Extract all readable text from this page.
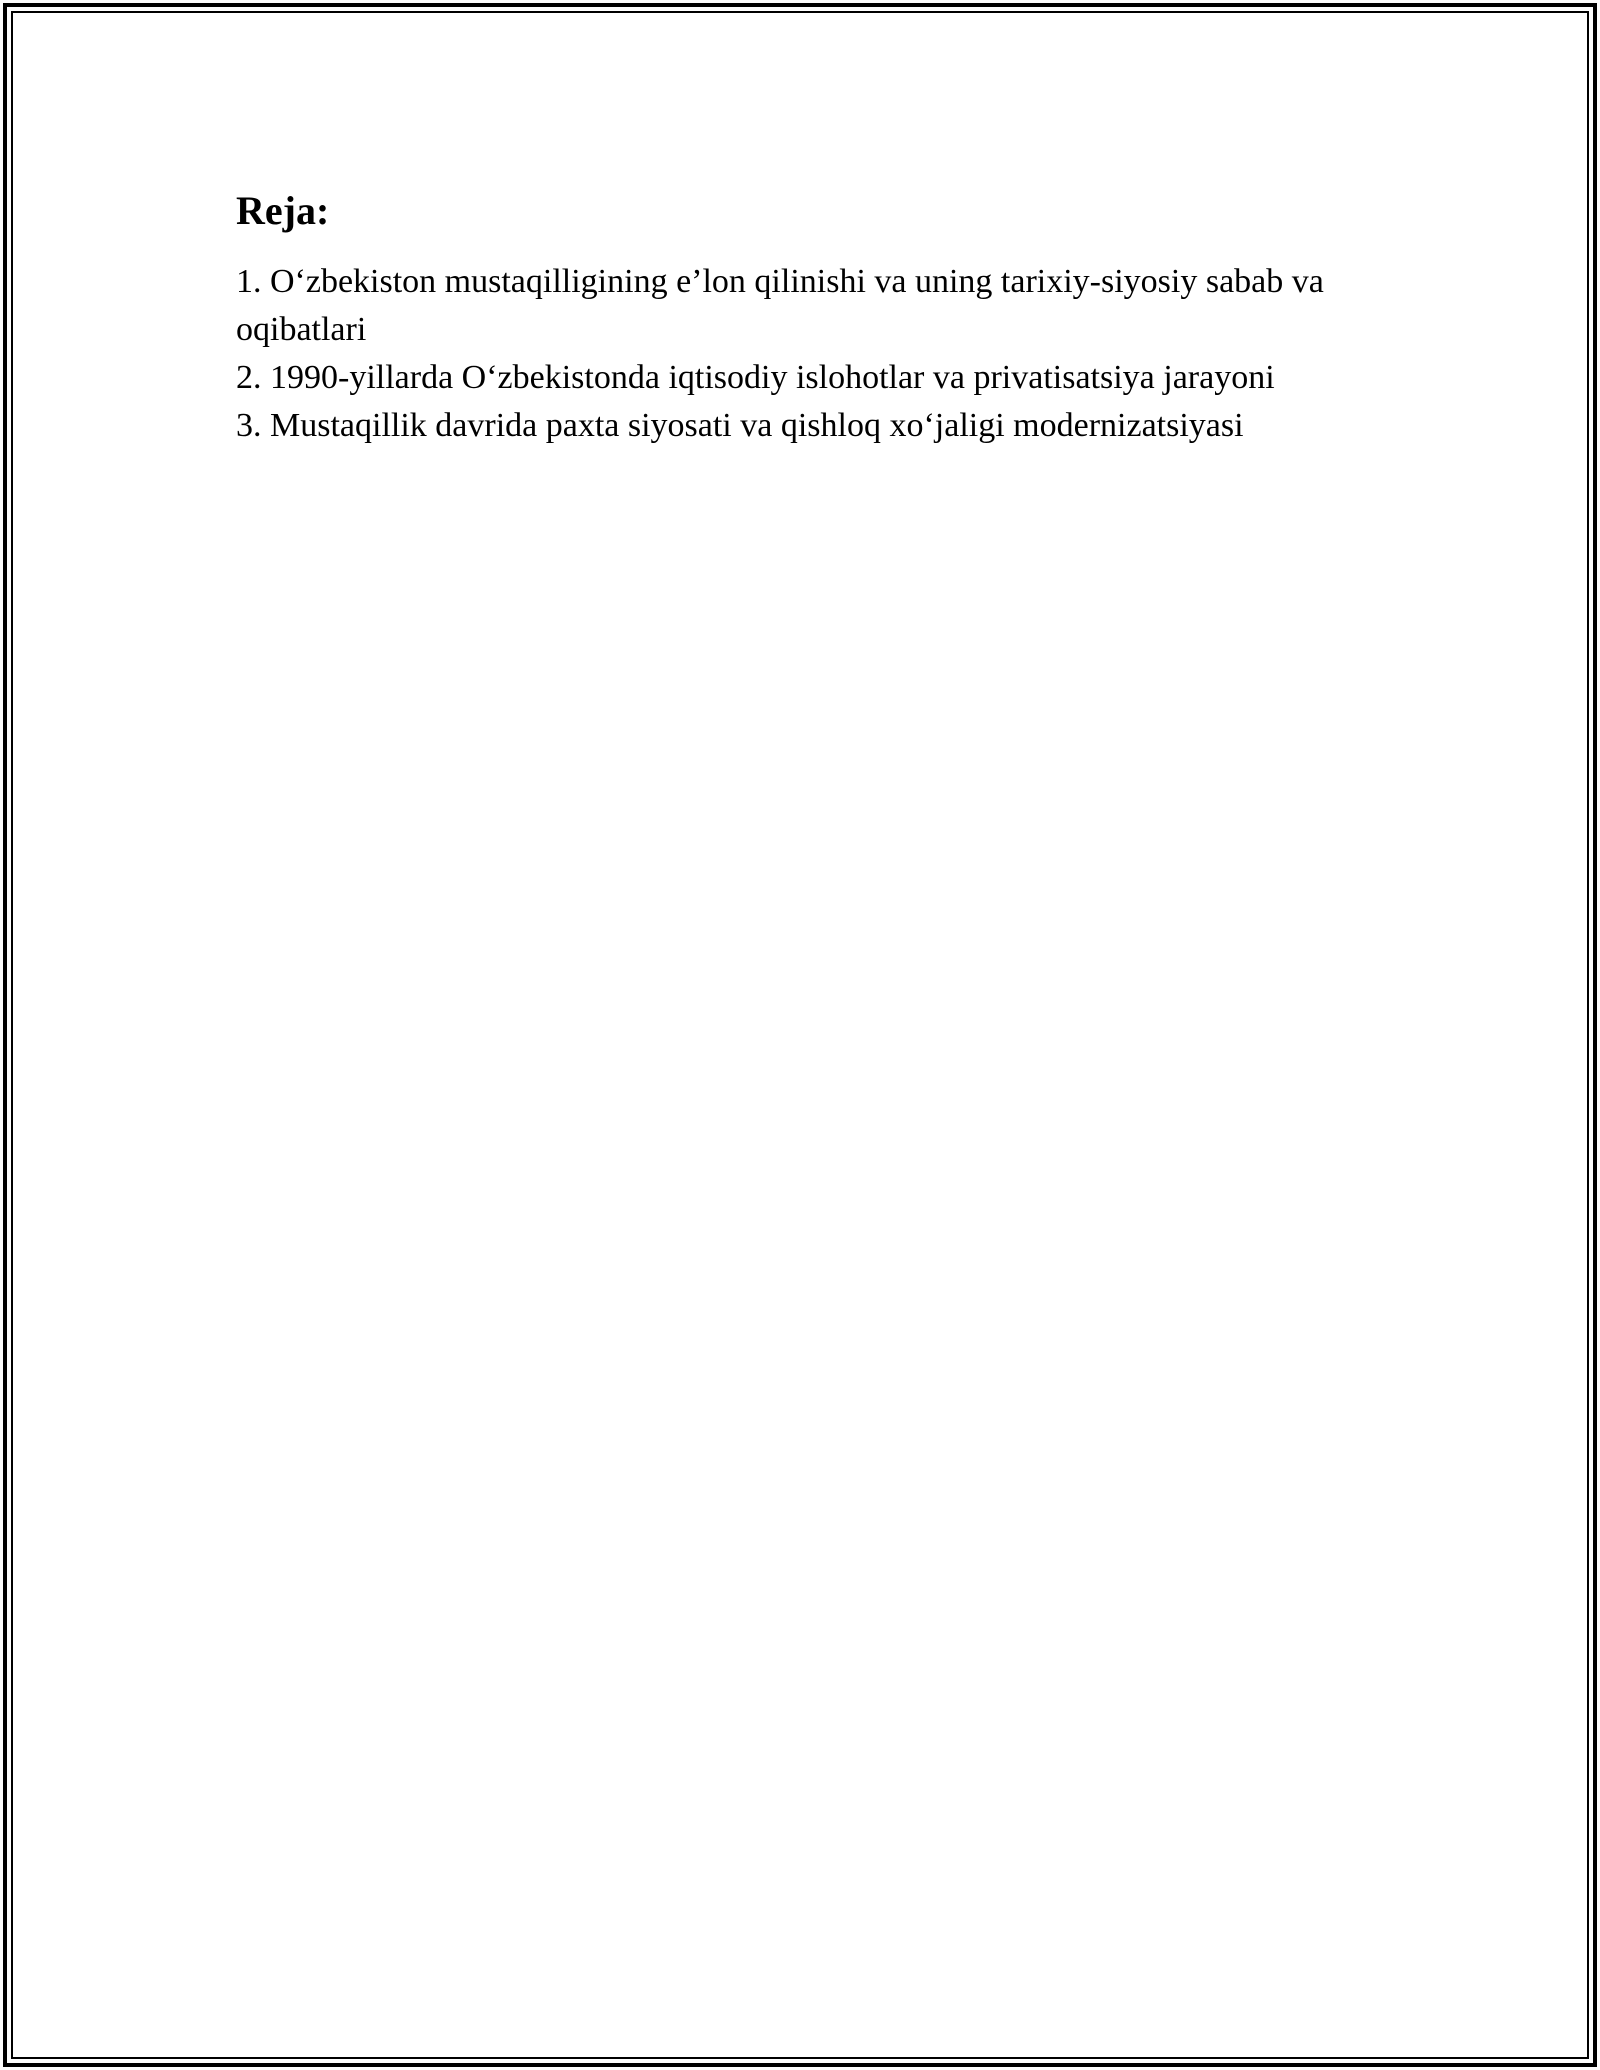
Reja:
1. O‘zbekiston mustaqilligining e’lon qilinishi va uning tarixiy-siyosiy sabab va oqibatlari
2. 1990-yillarda O‘zbekistonda iqtisodiy islohotlar va privatisatsiya jarayoni
3. Mustaqillik davrida paxta siyosati va qishloq xo‘jaligi modernizatsiyasi
